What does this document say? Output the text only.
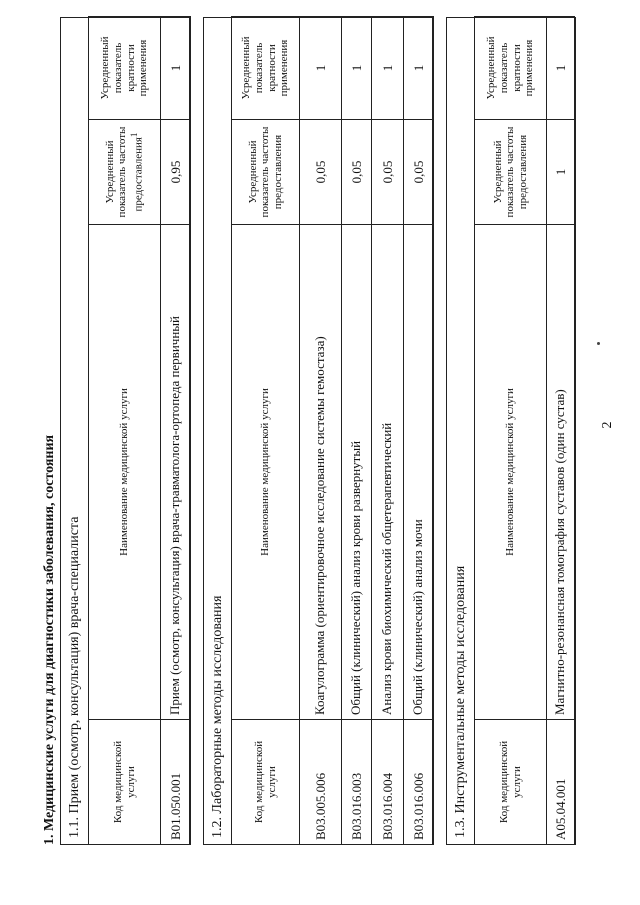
2
1. Медицинские услуги для диагностики заболевания, состояния 1.1. Прием (осмотр, консультация) врача-специалиста	Код медицинской услуги	Наименование медицинской услуги	Усредненный показатель частоты предоставления$^1$	Усредненный показатель кратности применения
B01.050.001	Прием (осмотр, консультация) врача-травматолога-ортопеда первичный	0,95	1
1.2. Лабораторные методы исследования	Код медицинской услуги	Наименование медицинской услуги	Усредненный показатель частоты предоставления	Усредненный показатель кратности применения
B03.005.006	Коагулограмма (ориентировочное исследование системы гемостаза)	0,05	1
B03.016.003	Общий (клинический) анализ крови развернутый	0,05	1
B03.016.004	Анализ крови биохимический общетерапевтический	0,05	1
B03.016.006	Общий (клинический) анализ мочи	0,05	1
1.3. Инструментальные методы исследования	Код медицинской услуги	Наименование медицинской услуги	Усредненный показатель частоты предоставления	Усредненный показатель кратности применения
A05.04.001	Магнитно-резонансная томография суставов (один сустав)	1	1
